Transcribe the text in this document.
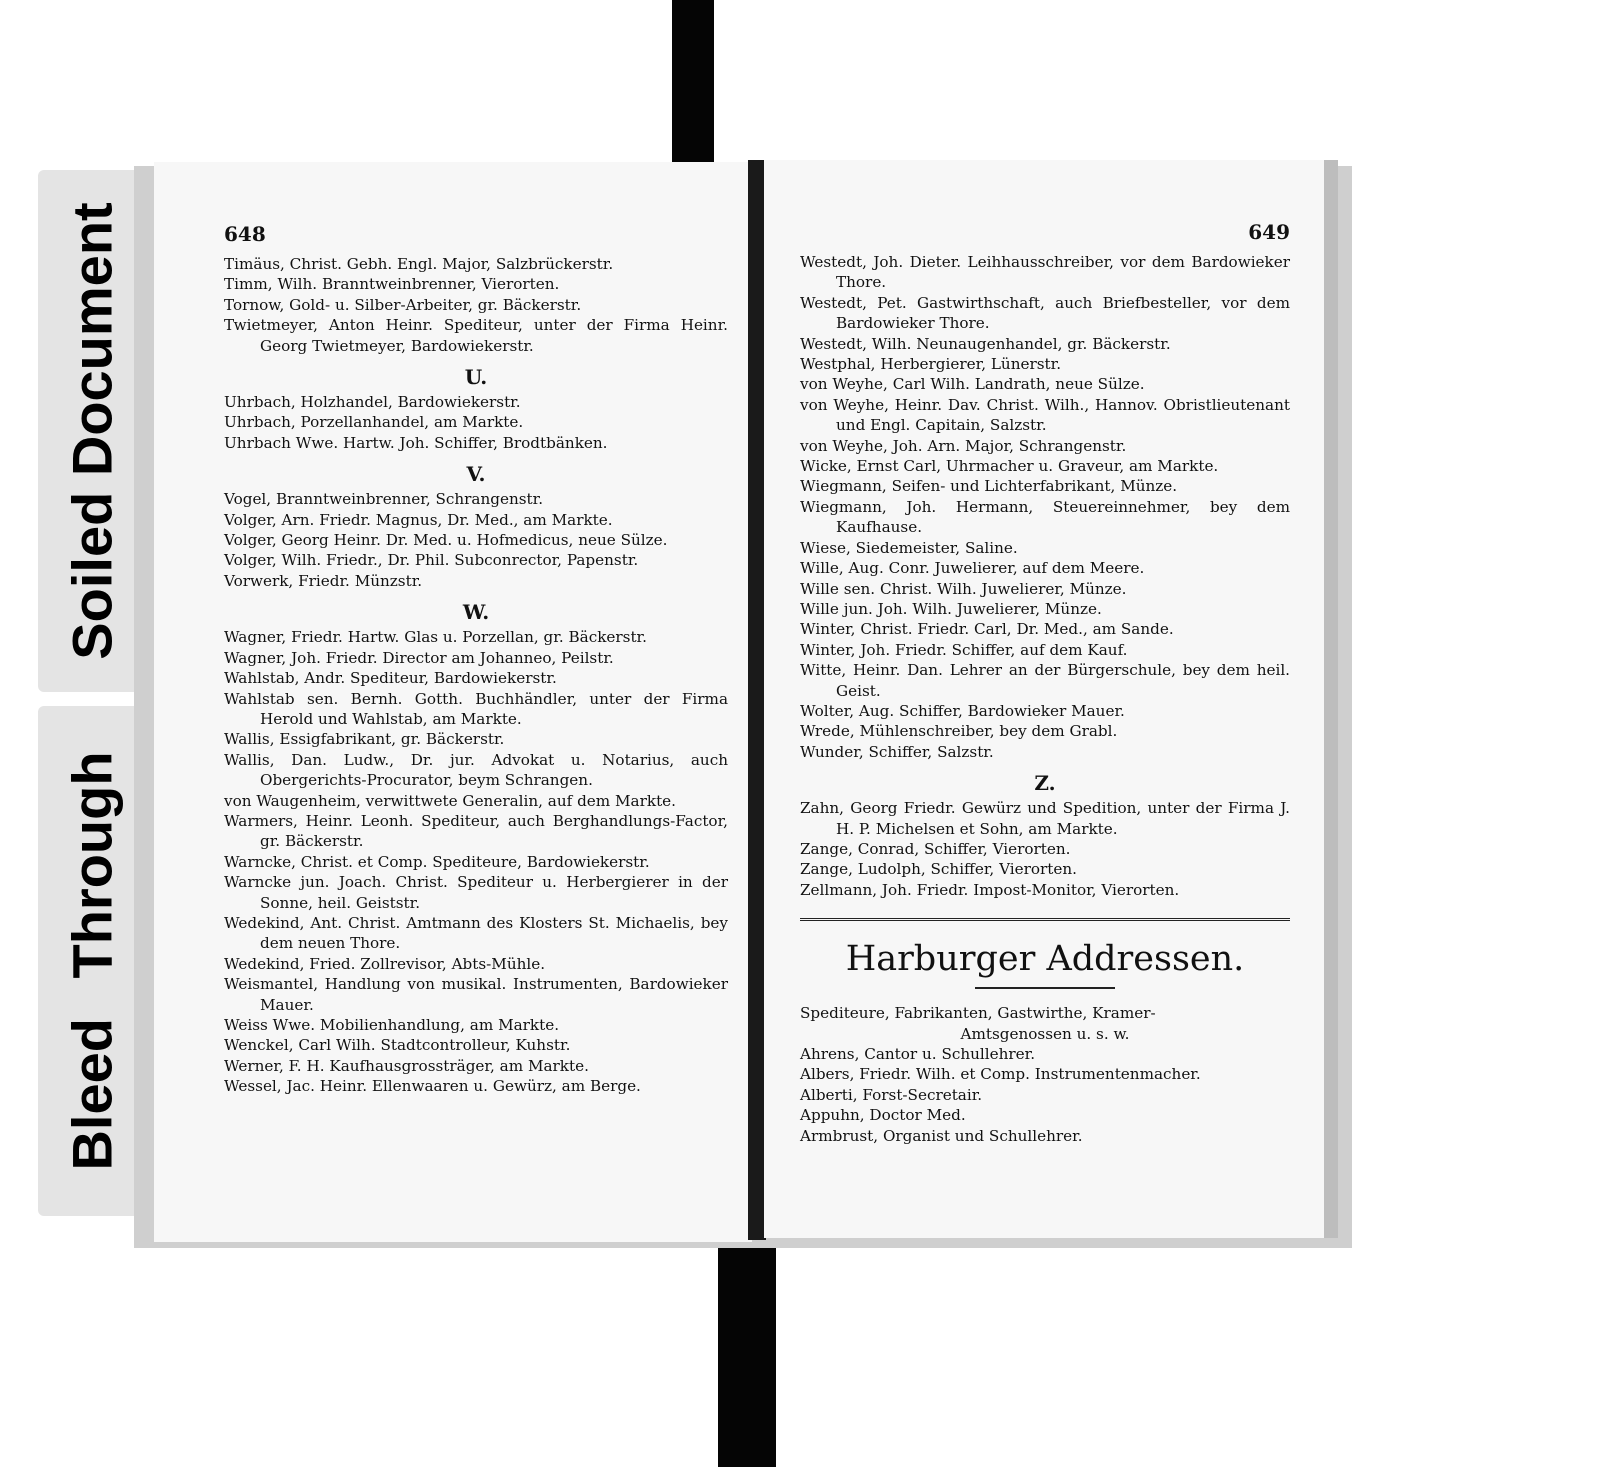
Soiled Document
Bleed Through
648
Timäus, Christ. Gebh. Engl. Major, Salzbrückerstr.
Timm, Wilh. Branntweinbrenner, Vierorten.
Tornow, Gold- u. Silber-Arbeiter, gr. Bäckerstr.
Twietmeyer, Anton Heinr. Spediteur, unter der Firma Heinr. Georg Twietmeyer, Bardowiekerstr.
U.
Uhrbach, Holzhandel, Bardowiekerstr.
Uhrbach, Porzellanhandel, am Markte.
Uhrbach Wwe. Hartw. Joh. Schiffer, Brodtbänken.
V.
Vogel, Branntweinbrenner, Schrangenstr.
Volger, Arn. Friedr. Magnus, Dr. Med., am Markte.
Volger, Georg Heinr. Dr. Med. u. Hofmedicus, neue Sülze.
Volger, Wilh. Friedr., Dr. Phil. Subconrector, Papenstr.
Vorwerk, Friedr. Münzstr.
W.
Wagner, Friedr. Hartw. Glas u. Porzellan, gr. Bäckerstr.
Wagner, Joh. Friedr. Director am Johanneo, Peilstr.
Wahlstab, Andr. Spediteur, Bardowiekerstr.
Wahlstab sen. Bernh. Gotth. Buchhändler, unter der Firma Herold und Wahlstab, am Markte.
Wallis, Essigfabrikant, gr. Bäckerstr.
Wallis, Dan. Ludw., Dr. jur. Advokat u. Notarius, auch Obergerichts-Procurator, beym Schrangen.
von Waugenheim, verwittwete Generalin, auf dem Markte.
Warmers, Heinr. Leonh. Spediteur, auch Berghandlungs-Factor, gr. Bäckerstr.
Warncke, Christ. et Comp. Spediteure, Bardowiekerstr.
Warncke jun. Joach. Christ. Spediteur u. Herbergierer in der Sonne, heil. Geiststr.
Wedekind, Ant. Christ. Amtmann des Klosters St. Michaelis, bey dem neuen Thore.
Wedekind, Fried. Zollrevisor, Abts-Mühle.
Weismantel, Handlung von musikal. Instrumenten, Bardowieker Mauer.
Weiss Wwe. Mobilienhandlung, am Markte.
Wenckel, Carl Wilh. Stadtcontrolleur, Kuhstr.
Werner, F. H. Kaufhausgrossträger, am Markte.
Wessel, Jac. Heinr. Ellenwaaren u. Gewürz, am Berge.
649
Westedt, Joh. Dieter. Leihhausschreiber, vor dem Bardowieker Thore.
Westedt, Pet. Gastwirthschaft, auch Briefbesteller, vor dem Bardowieker Thore.
Westedt, Wilh. Neunaugenhandel, gr. Bäckerstr.
Westphal, Herbergierer, Lünerstr.
von Weyhe, Carl Wilh. Landrath, neue Sülze.
von Weyhe, Heinr. Dav. Christ. Wilh., Hannov. Obristlieutenant und Engl. Capitain, Salzstr.
von Weyhe, Joh. Arn. Major, Schrangenstr.
Wicke, Ernst Carl, Uhrmacher u. Graveur, am Markte.
Wiegmann, Seifen- und Lichterfabrikant, Münze.
Wiegmann, Joh. Hermann, Steuereinnehmer, bey dem Kaufhause.
Wiese, Siedemeister, Saline.
Wille, Aug. Conr. Juwelierer, auf dem Meere.
Wille sen. Christ. Wilh. Juwelierer, Münze.
Wille jun. Joh. Wilh. Juwelierer, Münze.
Winter, Christ. Friedr. Carl, Dr. Med., am Sande.
Winter, Joh. Friedr. Schiffer, auf dem Kauf.
Witte, Heinr. Dan. Lehrer an der Bürgerschule, bey dem heil. Geist.
Wolter, Aug. Schiffer, Bardowieker Mauer.
Wrede, Mühlenschreiber, bey dem Grabl.
Wunder, Schiffer, Salzstr.
Z.
Zahn, Georg Friedr. Gewürz und Spedition, unter der Firma J. H. P. Michelsen et Sohn, am Markte.
Zange, Conrad, Schiffer, Vierorten.
Zange, Ludolph, Schiffer, Vierorten.
Zellmann, Joh. Friedr. Impost-Monitor, Vierorten.
Harburger Addressen.
Spediteure, Fabrikanten, Gastwirthe, Kramer-
Amtsgenossen u. s. w.
Ahrens, Cantor u. Schullehrer.
Albers, Friedr. Wilh. et Comp. Instrumentenmacher.
Alberti, Forst-Secretair.
Appuhn, Doctor Med.
Armbrust, Organist und Schullehrer.
